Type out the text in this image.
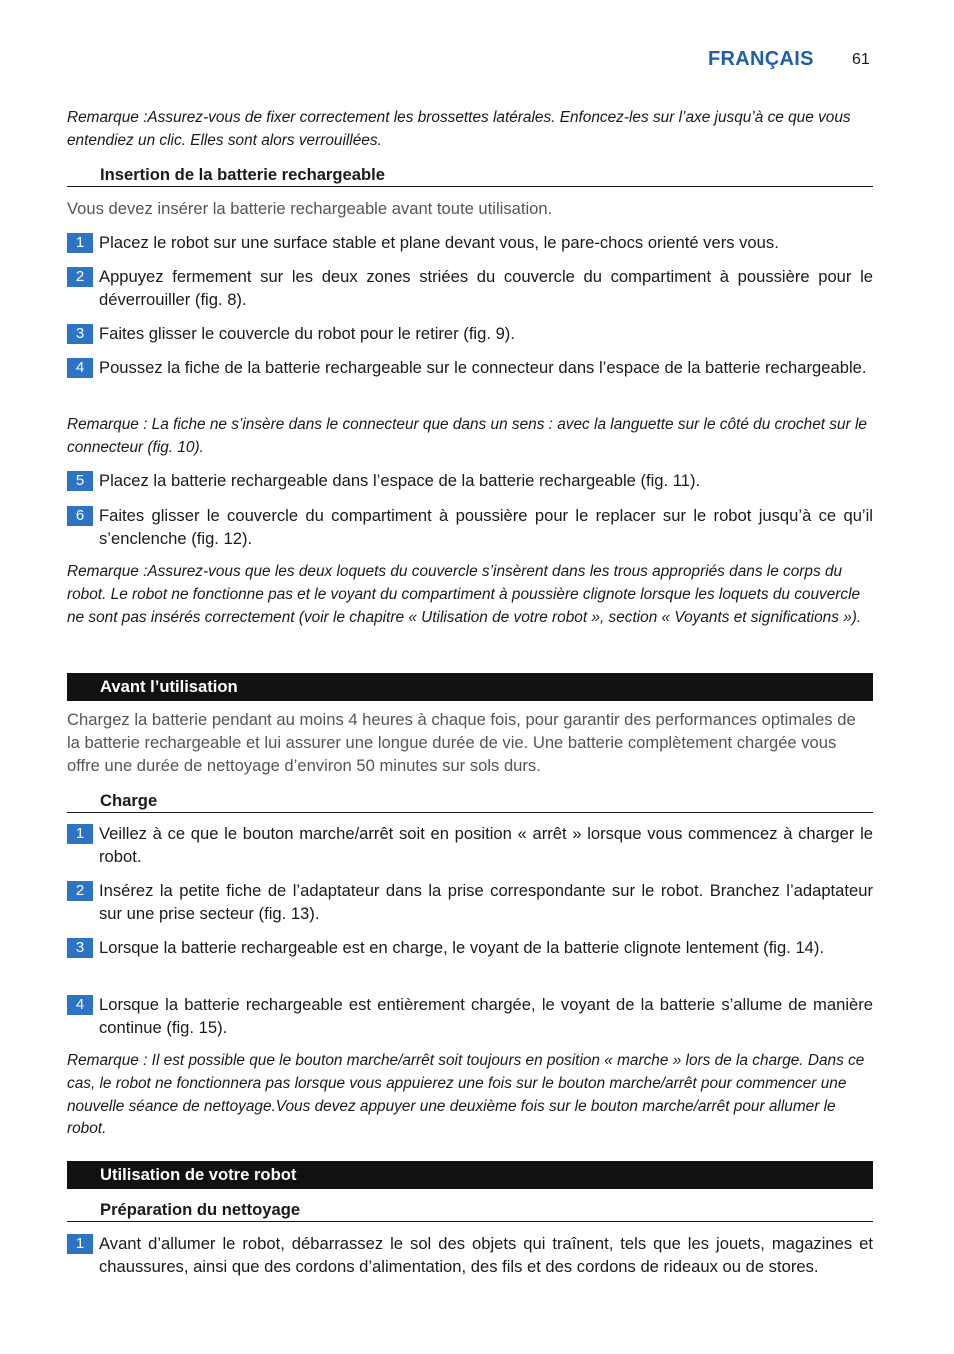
FRANÇAIS 61
Remarque :Assurez-vous de fixer correctement les brossettes latérales. Enfoncez-les sur l’axe jusqu’à ce que vous entendiez un clic. Elles sont alors verrouillées.
Insertion de la batterie rechargeable
Vous devez insérer la batterie rechargeable avant toute utilisation.
1 Placez le robot sur une surface stable et plane devant vous, le pare-chocs orienté vers vous.
2 Appuyez fermement sur les deux zones striées du couvercle du compartiment à poussière pour le déverrouiller (fig. 8).
3 Faites glisser le couvercle du robot pour le retirer (fig. 9).
4 Poussez la fiche de la batterie rechargeable sur le connecteur dans l’espace de la batterie rechargeable.
Remarque : La fiche ne s’insère dans le connecteur que dans un sens : avec la languette sur le côté du crochet sur le connecteur (fig. 10).
5 Placez la batterie rechargeable dans l’espace de la batterie rechargeable (fig. 11).
6 Faites glisser le couvercle du compartiment à poussière pour le replacer sur le robot jusqu’à ce qu’il s’enclenche (fig. 12).
Remarque :Assurez-vous que les deux loquets du couvercle s’insèrent dans les trous appropriés dans le corps du robot. Le robot ne fonctionne pas et le voyant du compartiment à poussière clignote lorsque les loquets du couvercle ne sont pas insérés correctement (voir le chapitre « Utilisation de votre robot », section « Voyants et significations »).
Avant l’utilisation
Chargez la batterie pendant au moins 4 heures à chaque fois, pour garantir des performances optimales de la batterie rechargeable et lui assurer une longue durée de vie. Une batterie complètement chargée vous offre une durée de nettoyage d’environ 50 minutes sur sols durs.
Charge
1 Veillez à ce que le bouton marche/arrêt soit en position « arrêt » lorsque vous commencez à charger le robot.
2 Insérez la petite fiche de l’adaptateur dans la prise correspondante sur le robot. Branchez l’adaptateur sur une prise secteur (fig. 13).
3 Lorsque la batterie rechargeable est en charge, le voyant de la batterie clignote lentement (fig. 14).
4 Lorsque la batterie rechargeable est entièrement chargée, le voyant de la batterie s’allume de manière continue (fig. 15).
Remarque : Il est possible que le bouton marche/arrêt soit toujours en position « marche » lors de la charge. Dans ce cas, le robot ne fonctionnera pas lorsque vous appuierez une fois sur le bouton marche/arrêt pour commencer une nouvelle séance de nettoyage.Vous devez appuyer une deuxième fois sur le bouton marche/arrêt pour allumer le robot.
Utilisation de votre robot
Préparation du nettoyage
1 Avant d’allumer le robot, débarrassez le sol des objets qui traînent, tels que les jouets, magazines et chaussures, ainsi que des cordons d’alimentation, des fils et des cordons de rideaux ou de stores.
